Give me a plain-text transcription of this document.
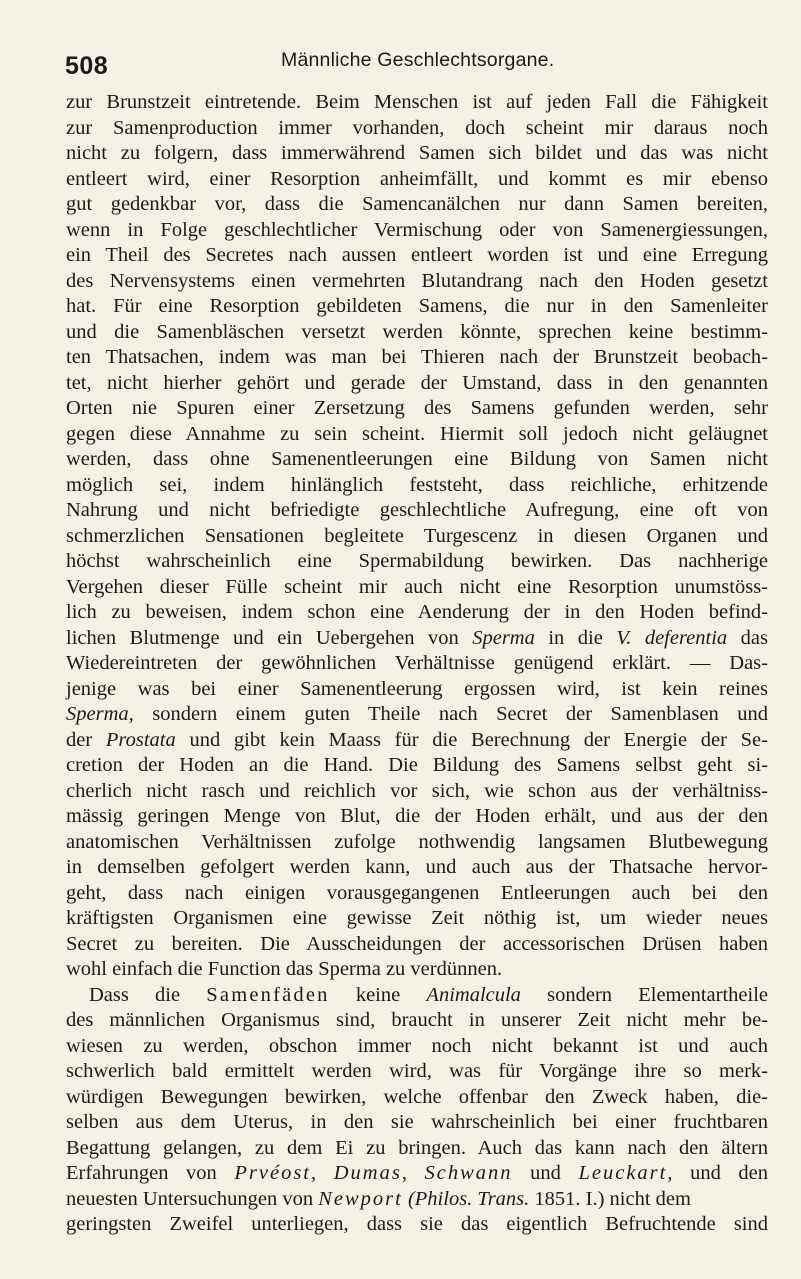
508	Männliche Geschlechtsorgane.
zur Brunstzeit eintretende. Beim Menschen ist auf jeden Fall die Fähigkeit
zur Samenproduction immer vorhanden, doch scheint mir daraus noch
nicht zu folgern, dass immerwährend Samen sich bildet und das was nicht
entleert wird, einer Resorption anheimfällt, und kommt es mir ebenso
gut gedenkbar vor, dass die Samencanälchen nur dann Samen bereiten,
wenn in Folge geschlechtlicher Vermischung oder von Samenergiessungen,
ein Theil des Secretes nach aussen entleert worden ist und eine Erregung
des Nervensystems einen vermehrten Blutandrang nach den Hoden gesetzt
hat. Für eine Resorption gebildeten Samens, die nur in den Samenleiter
und die Samenbläschen versetzt werden könnte, sprechen keine bestimm-
ten Thatsachen, indem was man bei Thieren nach der Brunstzeit beobach-
tet, nicht hierher gehört und gerade der Umstand, dass in den genannten
Orten nie Spuren einer Zersetzung des Samens gefunden werden, sehr
gegen diese Annahme zu sein scheint. Hiermit soll jedoch nicht geläugnet
werden, dass ohne Samenentleerungen eine Bildung von Samen nicht
möglich sei, indem hinlänglich feststeht, dass reichliche, erhitzende
Nahrung und nicht befriedigte geschlechtliche Aufregung, eine oft von
schmerzlichen Sensationen begleitete Turgescenz in diesen Organen und
höchst wahrscheinlich eine Spermabildung bewirken. Das nachherige
Vergehen dieser Fülle scheint mir auch nicht eine Resorption unumstöss-
lich zu beweisen, indem schon eine Aenderung der in den Hoden befind-
lichen Blutmenge und ein Uebergehen von Sperma in die V. deferentia das
Wiedereintreten der gewöhnlichen Verhältnisse genügend erklärt. — Das-
jenige was bei einer Samenentleerung ergossen wird, ist kein reines
Sperma, sondern einem guten Theile nach Secret der Samenblasen und
der Prostata und gibt kein Maass für die Berechnung der Energie der Se-
cretion der Hoden an die Hand. Die Bildung des Samens selbst geht si-
cherlich nicht rasch und reichlich vor sich, wie schon aus der verhältniss-
mässig geringen Menge von Blut, die der Hoden erhält, und aus der den
anatomischen Verhältnissen zufolge nothwendig langsamen Blutbewegung
in demselben gefolgert werden kann, und auch aus der Thatsache hervor-
geht, dass nach einigen vorausgegangenen Entleerungen auch bei den
kräftigsten Organismen eine gewisse Zeit nöthig ist, um wieder neues
Secret zu bereiten. Die Ausscheidungen der accessorischen Drüsen haben
wohl einfach die Function das Sperma zu verdünnen.
Dass die Samenfäden keine Animalcula sondern Elementartheile
des männlichen Organismus sind, braucht in unserer Zeit nicht mehr be-
wiesen zu werden, obschon immer noch nicht bekannt ist und auch
schwerlich bald ermittelt werden wird, was für Vorgänge ihre so merk-
würdigen Bewegungen bewirken, welche offenbar den Zweck haben, die-
selben aus dem Uterus, in den sie wahrscheinlich bei einer fruchtbaren
Begattung gelangen, zu dem Ei zu bringen. Auch das kann nach den ältern
Erfahrungen von Prvéost, Dumas, Schwann und Leuckart, und den
neuesten Untersuchungen von Newport (Philos. Trans. 1851. I.) nicht dem
geringsten Zweifel unterliegen, dass sie das eigentlich Befruchtende sind
